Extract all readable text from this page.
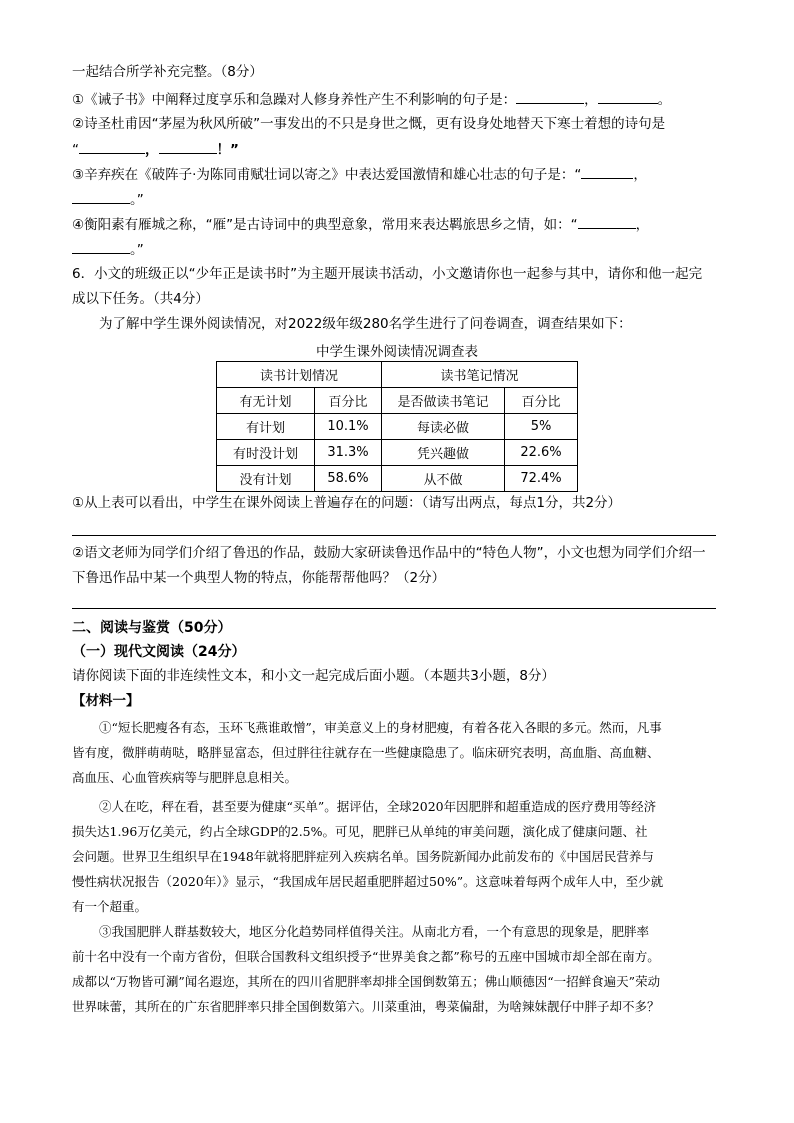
一起结合所学补充完整。（8分）
①《诫子书》中阐释过度享乐和急躁对人修身养性产生不利影响的句子是：	，	。
②诗圣杜甫因“茅屋为秋风所破”一事发出的不只是身世之慨，更有设身处地替天下寒士着想的诗句是
“	，	！”
③辛弃疾在《破阵子·为陈同甫赋壮词以寄之》中表达爱国激情和雄心壮志的句子是：“	，
。”
④衡阳素有雁城之称，“雁”是古诗词中的典型意象，常用来表达羁旅思乡之情，如：“	，
。”
6．小文的班级正以“少年正是读书时”为主题开展读书活动，小文邀请你也一起参与其中，请你和他一起完
成以下任务。（共4分）
为了解中学生课外阅读情况，对2022级年级280名学生进行了问卷调查，调查结果如下：
中学生课外阅读情况调查表
读书计划情况		读书笔记情况	
有无计划	百分比	是否做读书笔记	百分比
有计划	10.1%	每读必做	5%
有时没计划	31.3%	凭兴趣做	22.6%
没有计划	58.6%	从不做	72.4%
①从上表可以看出，中学生在课外阅读上普遍存在的问题：（请写出两点，每点1分，共2分）
②语文老师为同学们介绍了鲁迅的作品，鼓励大家研读鲁迅作品中的“特色人物”，小文也想为同学们介绍一
下鲁迅作品中某一个典型人物的特点，你能帮帮他吗？（2分）
二、阅读与鉴赏（50分）
（一）现代文阅读（24分）
请你阅读下面的非连续性文本，和小文一起完成后面小题。（本题共3小题，8分）
【材料一】
①“短长肥瘦各有态，玉环飞燕谁敢憎”，审美意义上的身材肥瘦，有着各花入各眼的多元。然而，凡事
皆有度，微胖萌萌哒，略胖显富态，但过胖往往就存在一些健康隐患了。临床研究表明，高血脂、高血糖、
高血压、心血管疾病等与肥胖息息相关。
②人在吃，秤在看，甚至要为健康“买单”。据评估，全球2020年因肥胖和超重造成的医疗费用等经济
损失达1.96万亿美元，约占全球GDP的2.5%。可见，肥胖已从单纯的审美问题，演化成了健康问题、社
会问题。世界卫生组织早在1948年就将肥胖症列入疾病名单。国务院新闻办此前发布的《中国居民营养与
慢性病状况报告（2020年）》显示，“我国成年居民超重肥胖超过50%”。这意味着每两个成年人中，至少就
有一个超重。
③我国肥胖人群基数较大，地区分化趋势同样值得关注。从南北方看，一个有意思的现象是，肥胖率
前十名中没有一个南方省份，但联合国教科文组织授予“世界美食之都”称号的五座中国城市却全部在南方。
成都以“万物皆可涮”闻名遐迩，其所在的四川省肥胖率却排全国倒数第五；佛山顺德因“一招鲜食遍天”荣动
世界味蕾，其所在的广东省肥胖率只排全国倒数第六。川菜重油，粤菜偏甜，为啥辣妹靓仔中胖子却不多？
